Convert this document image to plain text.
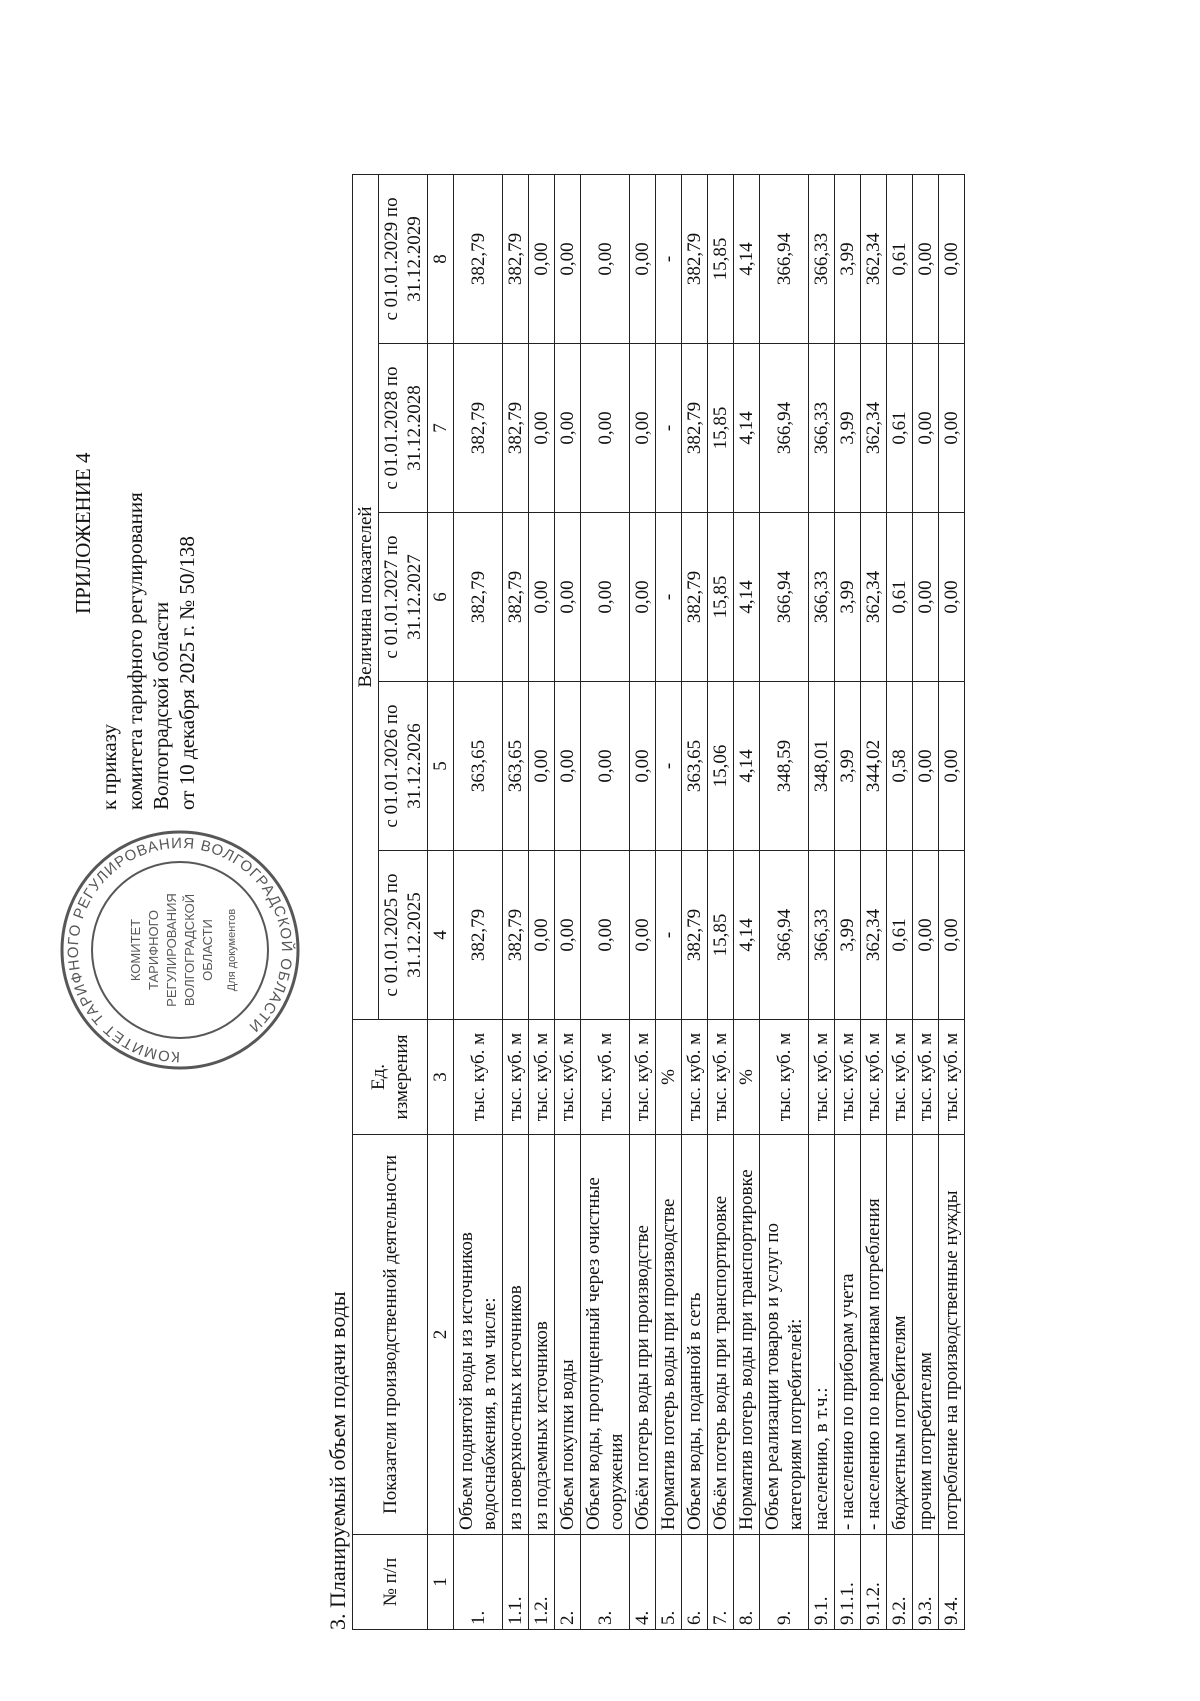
ПРИЛОЖЕНИЕ 4
к приказу комитета тарифного регулирования Волгоградской области от 10 декабря 2025 г. № 50/138
КОМИТЕТ ТАРИФНОГО РЕГУЛИРОВАНИЯ ВОЛГОГРАДСКОЙ ОБЛАСТИ
КОМИТЕТ ТАРИФНОГО РЕГУЛИРОВАНИЯ ВОЛГОГРАДСКОЙ ОБЛАСТИ Для документов
3. Планируемый объем подачи воды № п/п	Показатели производственной деятельности	Ед. измерения	Величина показателей				
			с 01.01.2025 по 31.12.2025	с 01.01.2026 по 31.12.2026	с 01.01.2027 по 31.12.2027	с 01.01.2028 по 31.12.2028	с 01.01.2029 по 31.12.2029
1	2	3	4	5	6	7	8
1.	Объем поднятой воды из источников водоснабжения, в том числе:	тыс. куб. м	382,79	363,65	382,79	382,79	382,79
1.1.	из поверхностных источников	тыс. куб. м	382,79	363,65	382,79	382,79	382,79
1.2.	из подземных источников	тыс. куб. м	0,00	0,00	0,00	0,00	0,00
2.	Объем покупки воды	тыс. куб. м	0,00	0,00	0,00	0,00	0,00
3.	Объем воды, пропущенный через очистные сооружения	тыс. куб. м	0,00	0,00	0,00	0,00	0,00
4.	Объём потерь воды при производстве	тыс. куб. м	0,00	0,00	0,00	0,00	0,00
5.	Норматив потерь воды при производстве	%	-	-	-	-	-
6.	Объем воды, поданной в сеть	тыс. куб. м	382,79	363,65	382,79	382,79	382,79
7.	Объём потерь воды при транспортировке	тыс. куб. м	15,85	15,06	15,85	15,85	15,85
8.	Норматив потерь воды при транспортировке	%	4,14	4,14	4,14	4,14	4,14
9.	Объем реализации товаров и услуг по категориям потребителей:	тыс. куб. м	366,94	348,59	366,94	366,94	366,94
9.1.	населению, в т.ч.:	тыс. куб. м	366,33	348,01	366,33	366,33	366,33
9.1.1.	- населению по приборам учета	тыс. куб. м	3,99	3,99	3,99	3,99	3,99
9.1.2.	- населению по нормативам потребления	тыс. куб. м	362,34	344,02	362,34	362,34	362,34
9.2.	бюджетным потребителям	тыс. куб. м	0,61	0,58	0,61	0,61	0,61
9.3.	прочим потребителям	тыс. куб. м	0,00	0,00	0,00	0,00	0,00
9.4.	потребление на производственные нужды	тыс. куб. м	0,00	0,00	0,00	0,00	0,00
